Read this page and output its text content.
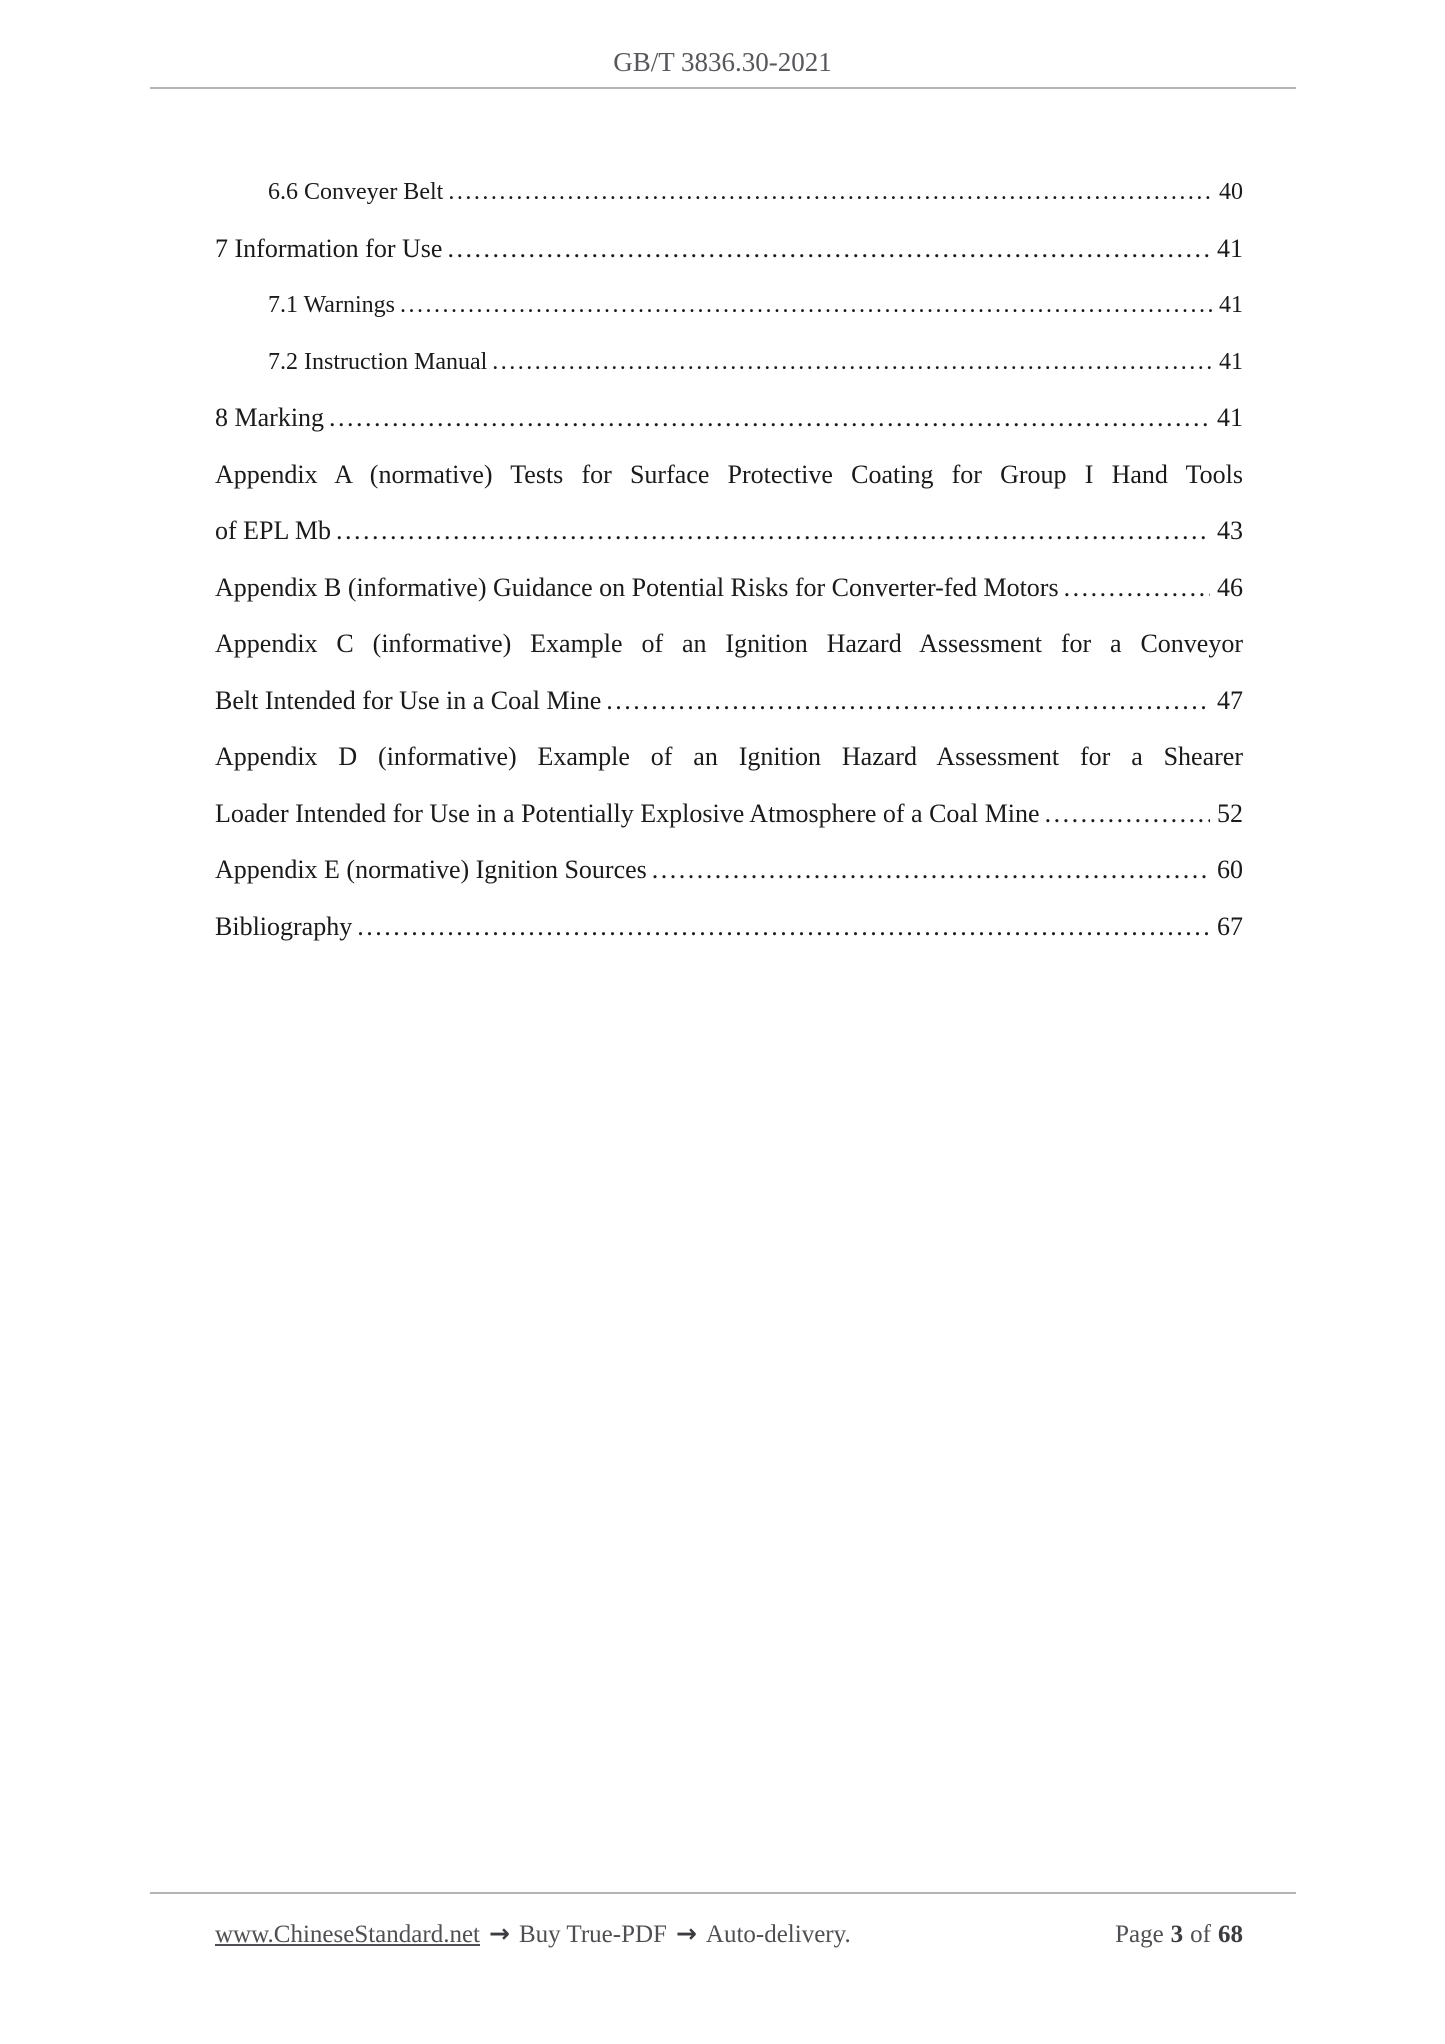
GB/T 3836.30-2021
6.6 Conveyer Belt .....	40
7 Information for Use .....	41
7.1 Warnings .....	41
7.2 Instruction Manual .....	41
8 Marking .....	41
Appendix A (normative) Tests for Surface Protective Coating for Group I Hand Tools
of EPL Mb .....	43
Appendix B (informative) Guidance on Potential Risks for Converter-fed Motors .....	46
Appendix C (informative) Example of an Ignition Hazard Assessment for a Conveyor
Belt Intended for Use in a Coal Mine .....	47
Appendix D (informative) Example of an Ignition Hazard Assessment for a Shearer
Loader Intended for Use in a Potentially Explosive Atmosphere of a Coal Mine .....	52
Appendix E (normative) Ignition Sources .....	60
Bibliography .....	67
www.ChineseStandard.net → Buy True-PDF → Auto-delivery.	Page 3 of 68
